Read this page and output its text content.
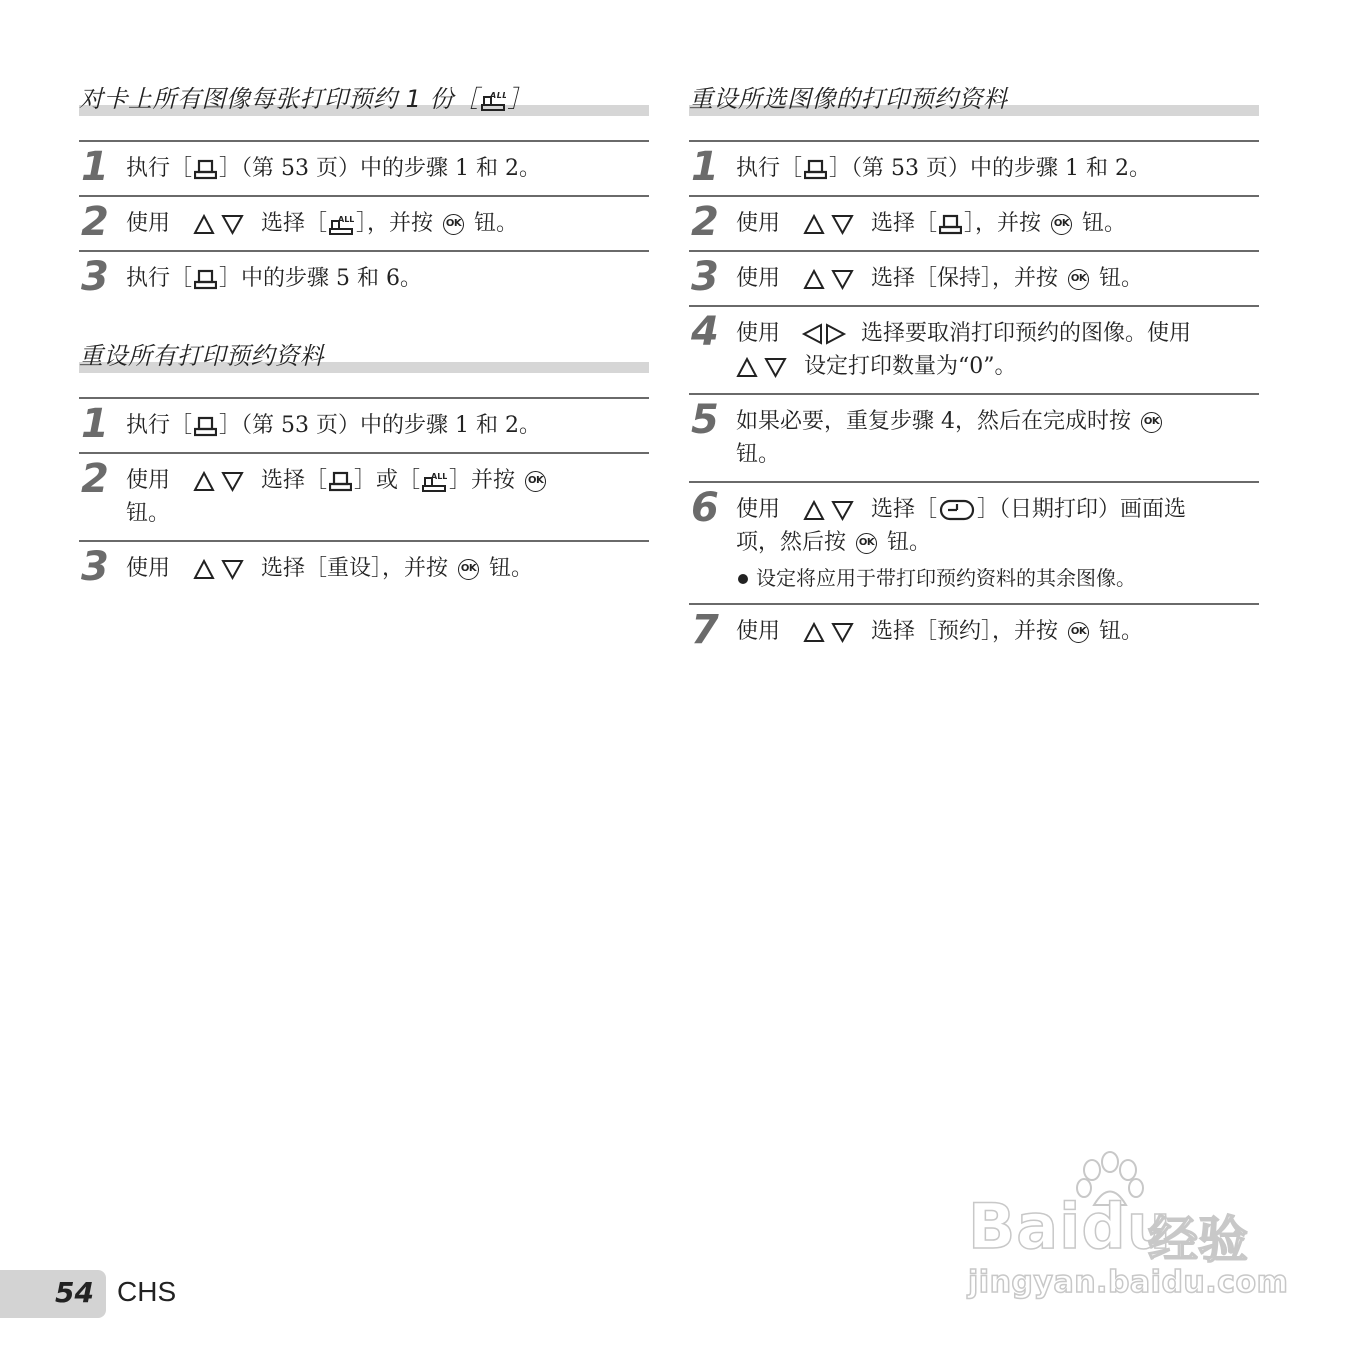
对卡上所有图像每张打印预约 1 份［ ］
1 执行［ ］（第 53 页）中的步骤 1 和 2。
2 使用	选择［ ］，并按 OK 钮。
3 执行［ ］中的步骤 5 和 6。
重设所有打印预约资料
1 执行［ ］（第 53 页）中的步骤 1 和 2。
2 使用	选择［ ］或［ ］并按 OK
钮。
3 使用	选择［重设］，并按 OK 钮。
重设所选图像的打印预约资料
1 执行［ ］（第 53 页）中的步骤 1 和 2。
2 使用	选择［ ］，并按 OK 钮。
3 使用	选择［保持］，并按 OK 钮。
4 使用	选择要取消打印预约的图像。使用
设定打印数量为“0”。
5 如果必要，重复步骤 4，然后在完成时按 OK
钮。
6 使用	选择［ ］（日期打印）画面选
项，然后按 OK 钮。
设定将应用于带打印预约资料的其余图像。
7 使用	选择［预约］，并按 OK 钮。
54 CHS
Baidu
经验
jingyan.baidu.com
